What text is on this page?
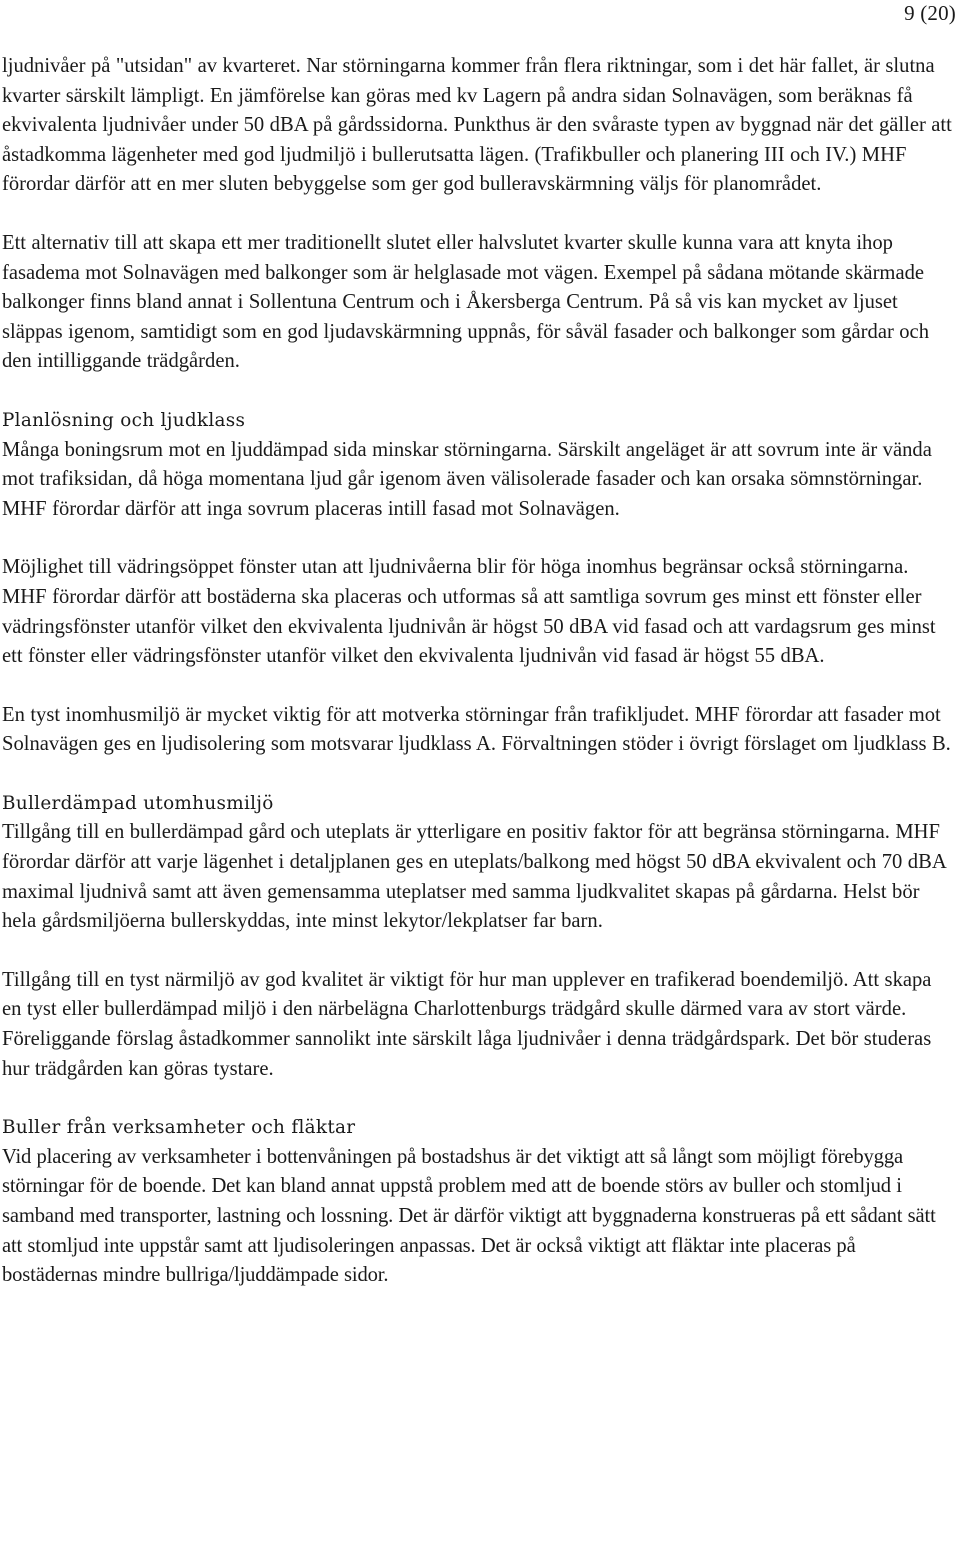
9 (20)

ljudnivåer på "utsidan" av kvarteret. Nar störningarna kommer från flera riktningar, som i det här fallet, är slutna kvarter särskilt lämpligt. En jämförelse kan göras med kv Lagern på andra sidan Solnavägen, som beräknas få ekvivalenta ljudnivåer under 50 dBA på gårdssidorna. Punkthus är den svåraste typen av byggnad när det gäller att åstadkomma lägenheter med god ljudmiljö i bullerutsatta lägen. (Trafikbuller och planering III och IV.) MHF förordar därför att en mer sluten bebyggelse som ger god bulleravskärmning väljs för planområdet.

Ett alternativ till att skapa ett mer traditionellt slutet eller halvslutet kvarter skulle kunna vara att knyta ihop fasadema mot Solnavägen med balkonger som är helglasade mot vägen. Exempel på sådana mötande skärmade balkonger finns bland annat i Sollentuna Centrum och i Åkersberga Centrum. På så vis kan mycket av ljuset släppas igenom, samtidigt som en god ljudavskärmning uppnås, för såväl fasader och balkonger som gårdar och den intilliggande trädgården.

Planlösning och ljudklass

Många boningsrum mot en ljuddämpad sida minskar störningarna. Särskilt angeläget är att sovrum inte är vända mot trafiksidan, då höga momentana ljud går igenom även välisolerade fasader och kan orsaka sömnstörningar. MHF förordar därför att inga sovrum placeras intill fasad mot Solnavägen.

Möjlighet till vädringsöppet fönster utan att ljudnivåerna blir för höga inomhus begränsar också störningarna. MHF förordar därför att bostäderna ska placeras och utformas så att samtliga sovrum ges minst ett fönster eller vädringsfönster utanför vilket den ekvivalenta ljudnivån är högst 50 dBA vid fasad och att vardagsrum ges minst ett fönster eller vädringsfönster utanför vilket den ekvivalenta ljudnivån vid fasad är högst 55 dBA.

En tyst inomhusmiljö är mycket viktig för att motverka störningar från trafikljudet. MHF förordar att fasader mot Solnavägen ges en ljudisolering som motsvarar ljudklass A. Förvaltningen stöder i övrigt förslaget om ljudklass B.

Bullerdämpad utomhusmiljö

Tillgång till en bullerdämpad gård och uteplats är ytterligare en positiv faktor för att begränsa störningarna. MHF förordar därför att varje lägenhet i detaljplanen ges en uteplats/balkong med högst 50 dBA ekvivalent och 70 dBA maximal ljudnivå samt att även gemensamma uteplatser med samma ljudkvalitet skapas på gårdarna. Helst bör hela gårdsmiljöerna bullerskyddas, inte minst lekytor/lekplatser far barn.

Tillgång till en tyst närmiljö av god kvalitet är viktigt för hur man upplever en trafikerad boendemiljö. Att skapa en tyst eller bullerdämpad miljö i den närbelägna Charlottenburgs trädgård skulle därmed vara av stort värde. Föreliggande förslag åstadkommer sannolikt inte särskilt låga ljudnivåer i denna trädgårdspark. Det bör studeras hur trädgården kan göras tystare.

Buller från verksamheter och fläktar

Vid placering av verksamheter i bottenvåningen på bostadshus är det viktigt att så långt som möjligt förebygga störningar för de boende. Det kan bland annat uppstå problem med att de boende störs av buller och stomljud i samband med transporter, lastning och lossning. Det är därför viktigt att byggnaderna konstrueras på ett sådant sätt att stomljud inte uppstår samt att ljudisoleringen anpassas. Det är också viktigt att fläktar inte placeras på bostädernas mindre bullriga/ljuddämpade sidor.
